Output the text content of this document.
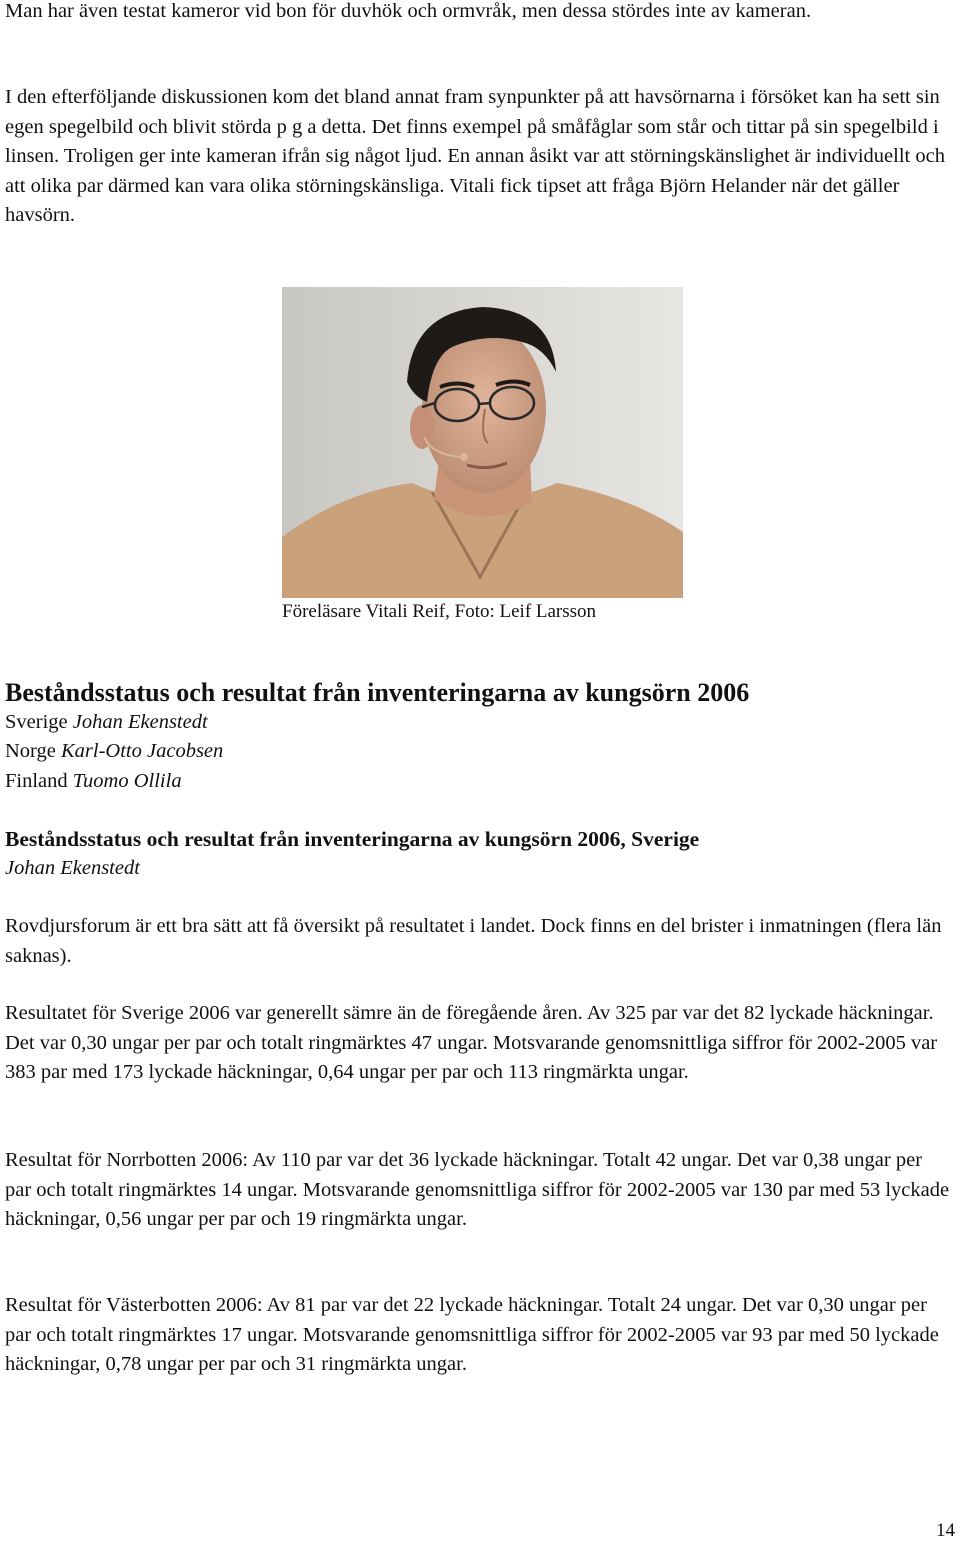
Man har även testat kameror vid bon för duvhök och ormvråk, men dessa stördes inte av kameran.

I den efterföljande diskussionen kom det bland annat fram synpunkter på att havsörnarna i försöket kan ha sett sin egen spegelbild och blivit störda p g a detta. Det finns exempel på småfåglar som står och tittar på sin spegelbild i linsen. Troligen ger inte kameran ifrån sig något ljud. En annan åsikt var att störningskänslighet är individuellt och att olika par därmed kan vara olika störningskänsliga. Vitali fick tipset att fråga Björn Helander när det gäller havsörn.

Föreläsare Vitali Reif, Foto: Leif Larsson
Beståndsstatus och resultat från inventeringarna av kungsörn 2006
Sverige Johan Ekenstedt
Norge Karl-Otto Jacobsen
Finland Tuomo Ollila
Beståndsstatus och resultat från inventeringarna av kungsörn 2006, Sverige
Johan Ekenstedt

Rovdjursforum är ett bra sätt att få översikt på resultatet i landet. Dock finns en del brister i inmatningen (flera län saknas).

Resultatet för Sverige 2006 var generellt sämre än de föregående åren. Av 325 par var det 82 lyckade häckningar. Det var 0,30 ungar per par och totalt ringmärktes 47 ungar. Motsvarande genomsnittliga siffror för 2002-2005 var 383 par med 173 lyckade häckningar, 0,64 ungar per par och 113 ringmärkta ungar.

Resultat för Norrbotten 2006: Av 110 par var det 36 lyckade häckningar. Totalt 42 ungar. Det var 0,38 ungar per par och totalt ringmärktes 14 ungar. Motsvarande genomsnittliga siffror för 2002-2005 var 130 par med 53 lyckade häckningar, 0,56 ungar per par och 19 ringmärkta ungar.

Resultat för Västerbotten 2006: Av 81 par var det 22 lyckade häckningar. Totalt 24 ungar. Det var 0,30 ungar per par och totalt ringmärktes 17 ungar. Motsvarande genomsnittliga siffror för 2002-2005 var 93 par med 50 lyckade häckningar, 0,78 ungar per par och 31 ringmärkta ungar.

14
